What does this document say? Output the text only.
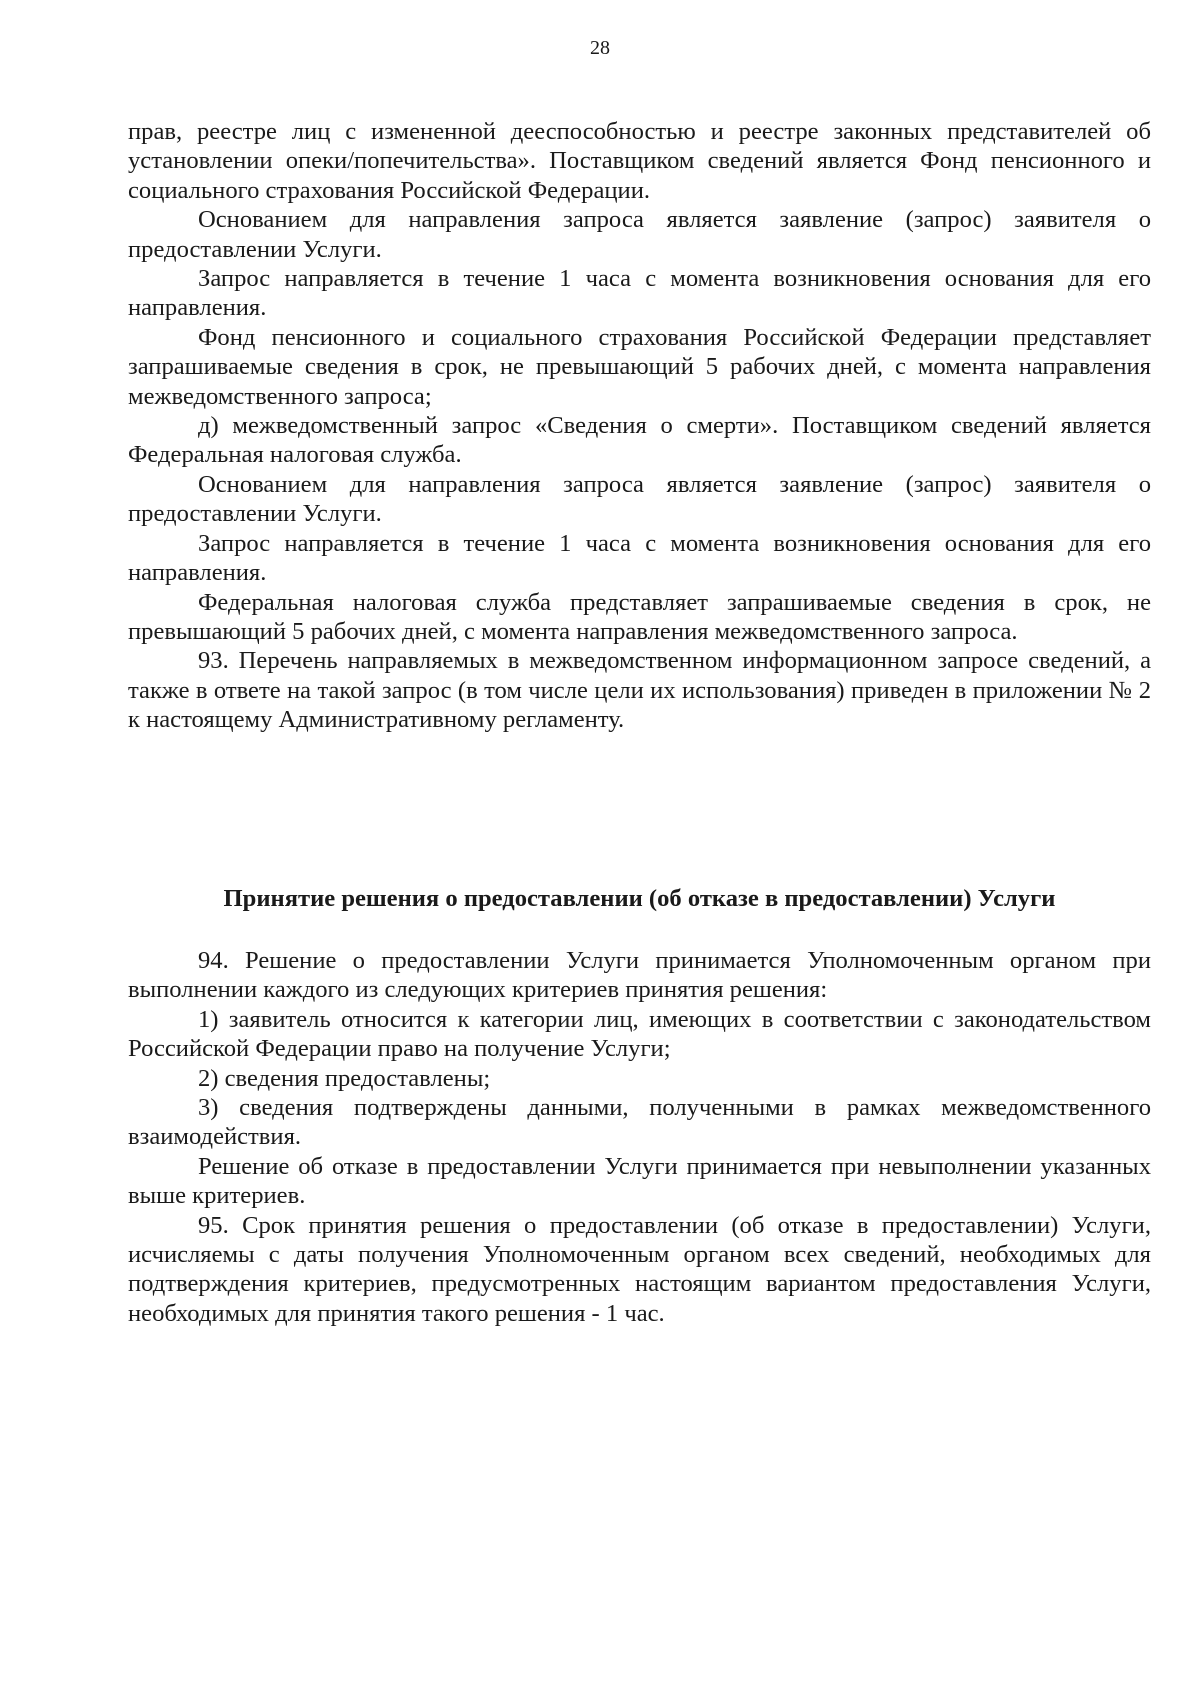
28

прав, реестре лиц с измененной дееспособностью и реестре законных представителей об установлении опеки/попечительства». Поставщиком сведений является Фонд пенсионного и социального страхования Российской Федерации.

Основанием для направления запроса является заявление (запрос) заявителя о предоставлении Услуги.

Запрос направляется в течение 1 часа с момента возникновения основания для его направления.

Фонд пенсионного и социального страхования Российской Федерации представляет запрашиваемые сведения в срок, не превышающий 5 рабочих дней, с момента направления межведомственного запроса;

д) межведомственный запрос «Сведения о смерти». Поставщиком сведений является Федеральная налоговая служба.

Основанием для направления запроса является заявление (запрос) заявителя о предоставлении Услуги.

Запрос направляется в течение 1 часа с момента возникновения основания для его направления.

Федеральная налоговая служба представляет запрашиваемые сведения в срок, не превышающий 5 рабочих дней, с момента направления межведомственного запроса.

93. Перечень направляемых в межведомственном информационном запросе сведений, а также в ответе на такой запрос (в том числе цели их использования) приведен в приложении № 2 к настоящему Административному регламенту.

Принятие решения о предоставлении (об отказе в предоставлении) Услуги

94. Решение о предоставлении Услуги принимается Уполномоченным органом при выполнении каждого из следующих критериев принятия решения:

1) заявитель относится к категории лиц, имеющих в соответствии с законодательством Российской Федерации право на получение Услуги;

2) сведения предоставлены;

3) сведения подтверждены данными, полученными в рамках межведомственного взаимодействия.

Решение об отказе в предоставлении Услуги принимается при невыполнении указанных выше критериев.

95. Срок принятия решения о предоставлении (об отказе в предоставлении) Услуги, исчисляемы с даты получения Уполномоченным органом всех сведений, необходимых для подтверждения критериев, предусмотренных настоящим вариантом предоставления Услуги, необходимых для принятия такого решения - 1 час.
